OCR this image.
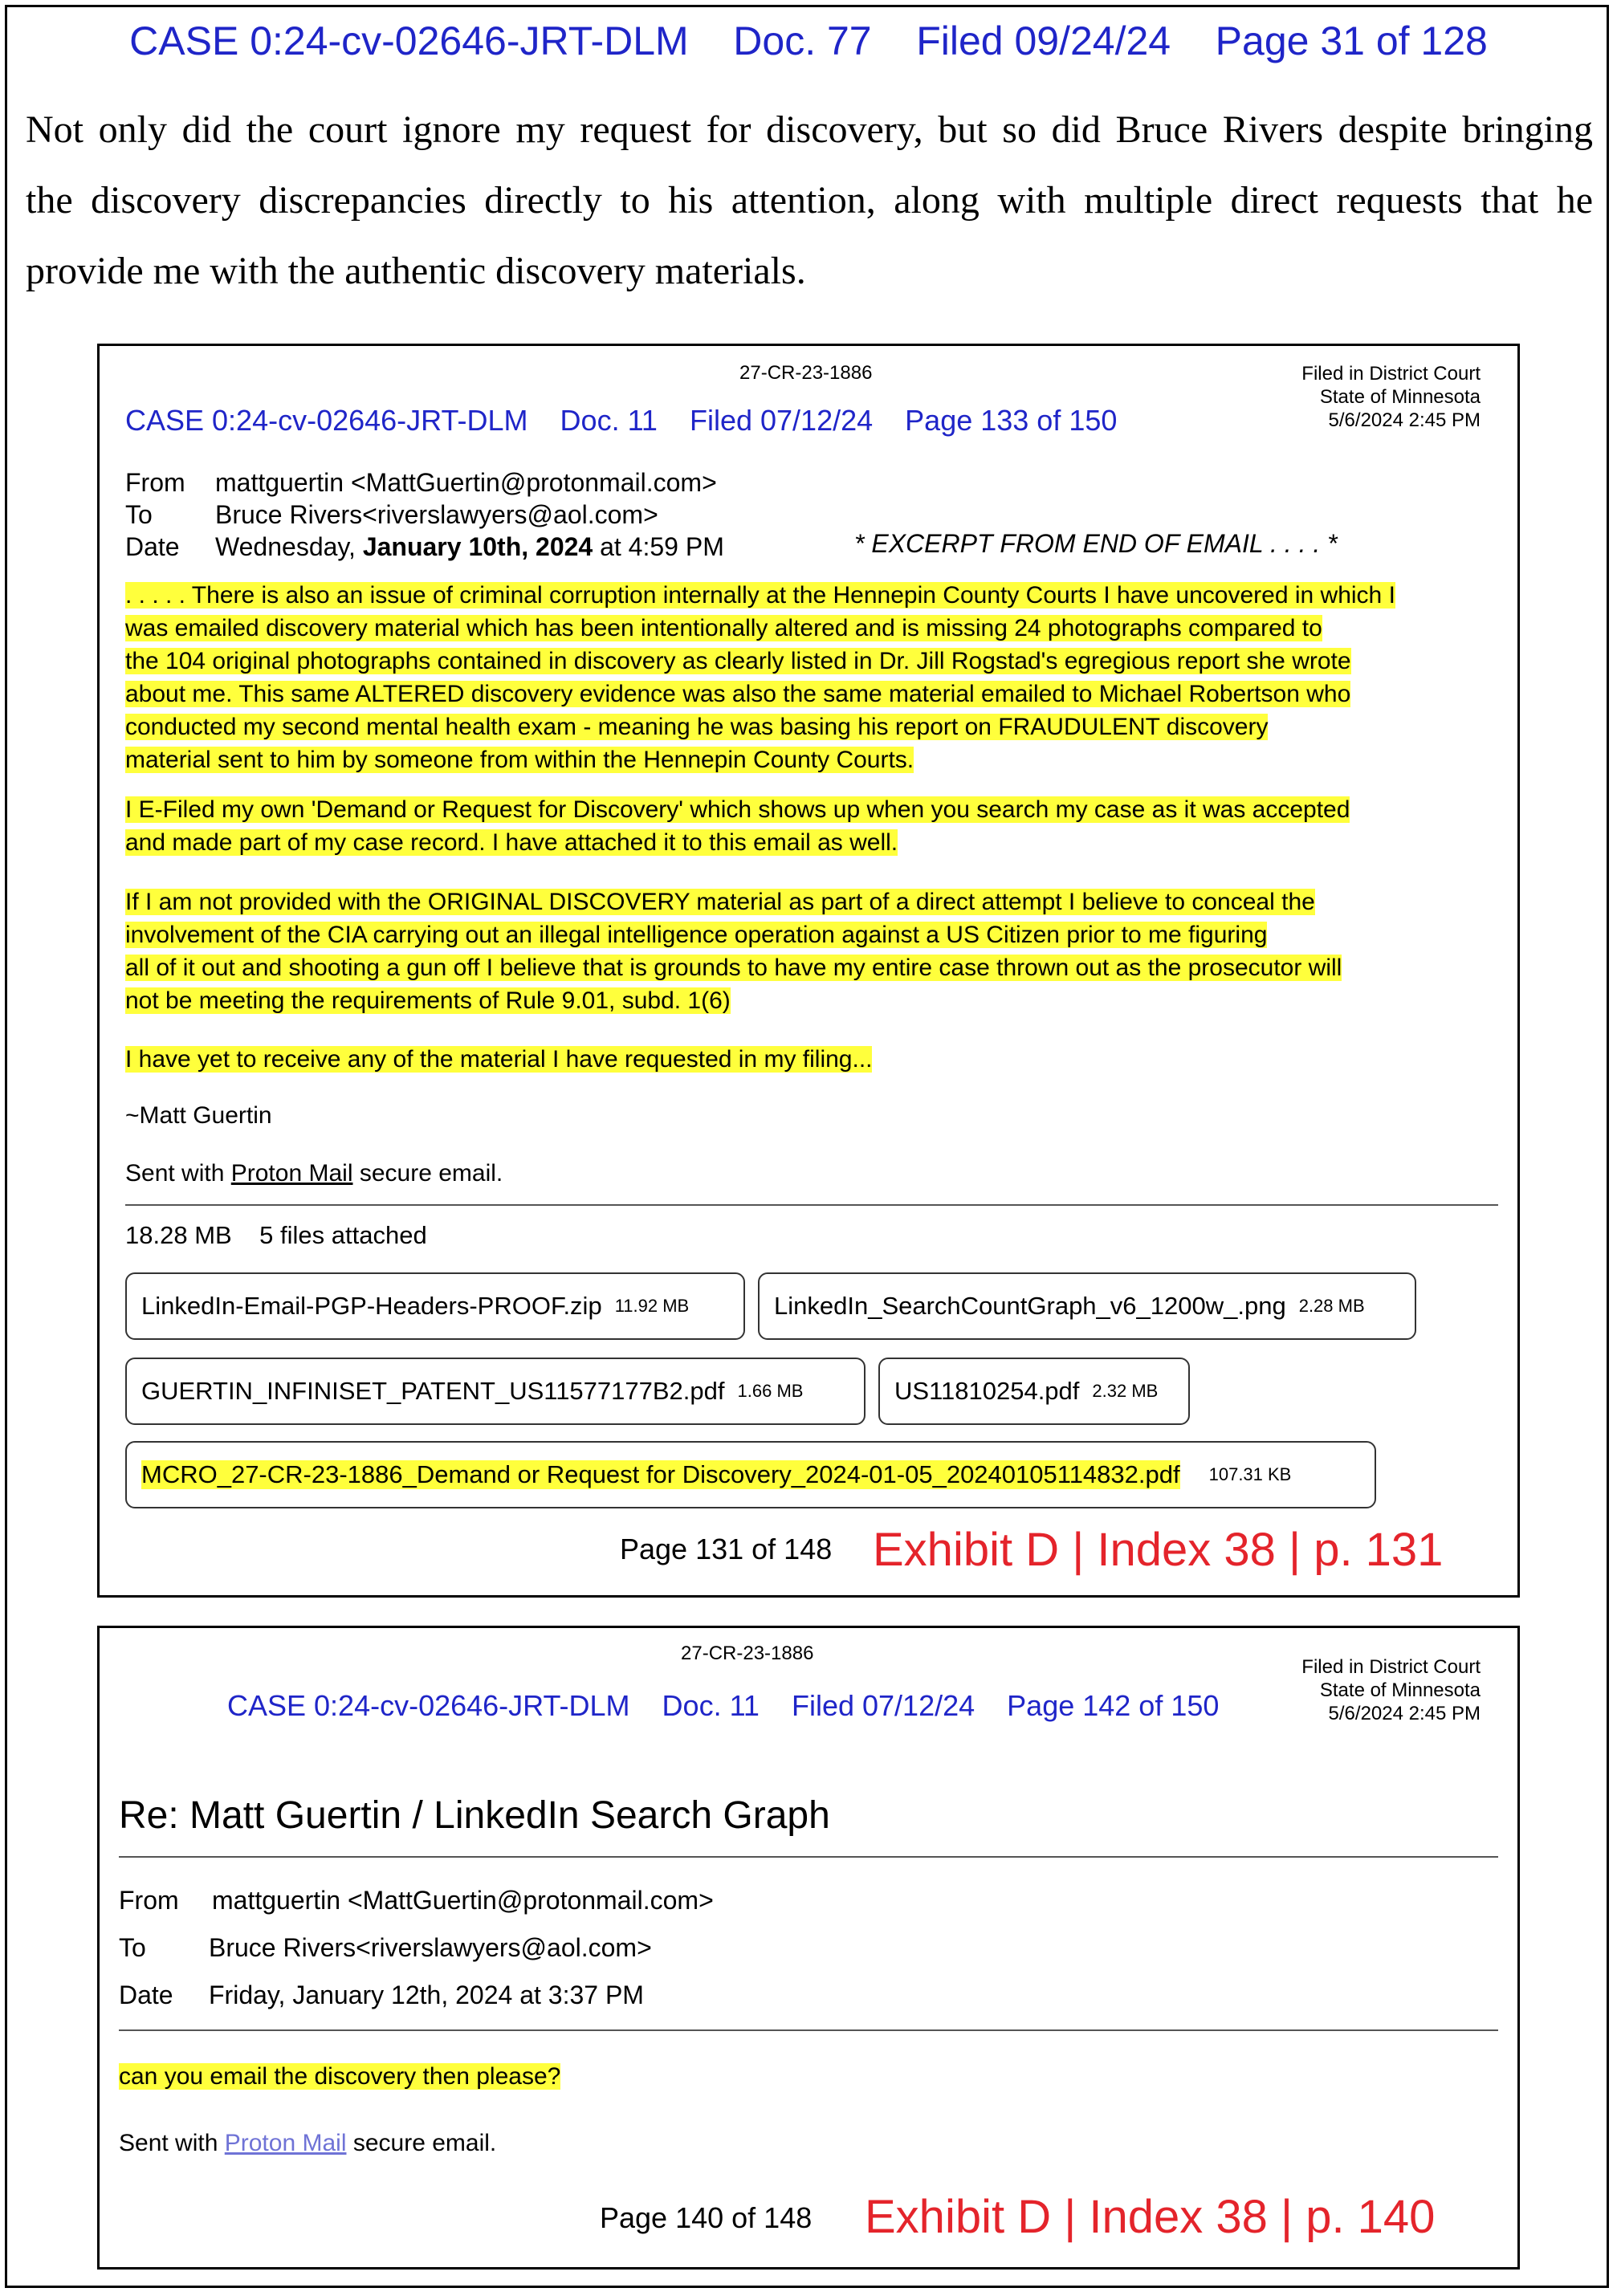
CASE 0:24-cv-02646-JRT-DLM Doc. 77 Filed 09/24/24 Page 31 of 128
Not only did the court ignore my request for discovery, but so did Bruce Rivers despite bringing
the discovery discrepancies directly to his attention, along with multiple direct requests that he
provide me with the authentic discovery materials.
27-CR-23-1886	Filed in District Court
State of Minnesota
5/6/2024 2:45 PM
CASE 0:24-cv-02646-JRT-DLM Doc. 11 Filed 07/12/24 Page 133 of 150
From mattguertin <MattGuertin@protonmail.com>
To Bruce Rivers<riverslawyers@aol.com>
Date Wednesday, January 10th, 2024 at 4:59 PM	* EXCERPT FROM END OF EMAIL . . . . *
. . . . . There is also an issue of criminal corruption internally at the Hennepin County Courts I have uncovered in which I
was emailed discovery material which has been intentionally altered and is missing 24 photographs compared to
the 104 original photographs contained in discovery as clearly listed in Dr. Jill Rogstad's egregious report she wrote
about me. This same ALTERED discovery evidence was also the same material emailed to Michael Robertson who
conducted my second mental health exam - meaning he was basing his report on FRAUDULENT discovery
material sent to him by someone from within the Hennepin County Courts.
I E-Filed my own 'Demand or Request for Discovery' which shows up when you search my case as it was accepted
and made part of my case record. I have attached it to this email as well.
If I am not provided with the ORIGINAL DISCOVERY material as part of a direct attempt I believe to conceal the
involvement of the CIA carrying out an illegal intelligence operation against a US Citizen prior to me figuring
all of it out and shooting a gun off I believe that is grounds to have my entire case thrown out as the prosecutor will
not be meeting the requirements of Rule 9.01, subd. 1(6)
I have yet to receive any of the material I have requested in my filing...
~Matt Guertin
Sent with Proton Mail secure email.
18.28 MB 5 files attached
LinkedIn-Email-PGP-Headers-PROOF.zip 11.92 MB	LinkedIn_SearchCountGraph_v6_1200w_.png 2.28 MB
GUERTIN_INFINISET_PATENT_US11577177B2.pdf 1.66 MB	US11810254.pdf 2.32 MB
MCRO_27-CR-23-1886_Demand or Request for Discovery_2024-01-05_20240105114832.pdf 107.31 KB
Page 131 of 148 Exhibit D | Index 38 | p. 131
27-CR-23-1886
Filed in District Court
State of Minnesota
5/6/2024 2:45 PM
CASE 0:24-cv-02646-JRT-DLM Doc. 11 Filed 07/12/24 Page 142 of 150
Re: Matt Guertin / LinkedIn Search Graph
From mattguertin <MattGuertin@protonmail.com>
To Bruce Rivers<riverslawyers@aol.com>
Date Friday, January 12th, 2024 at 3:37 PM
can you email the discovery then please?
Sent with Proton Mail secure email.
Page 140 of 148 Exhibit D | Index 38 | p. 140
